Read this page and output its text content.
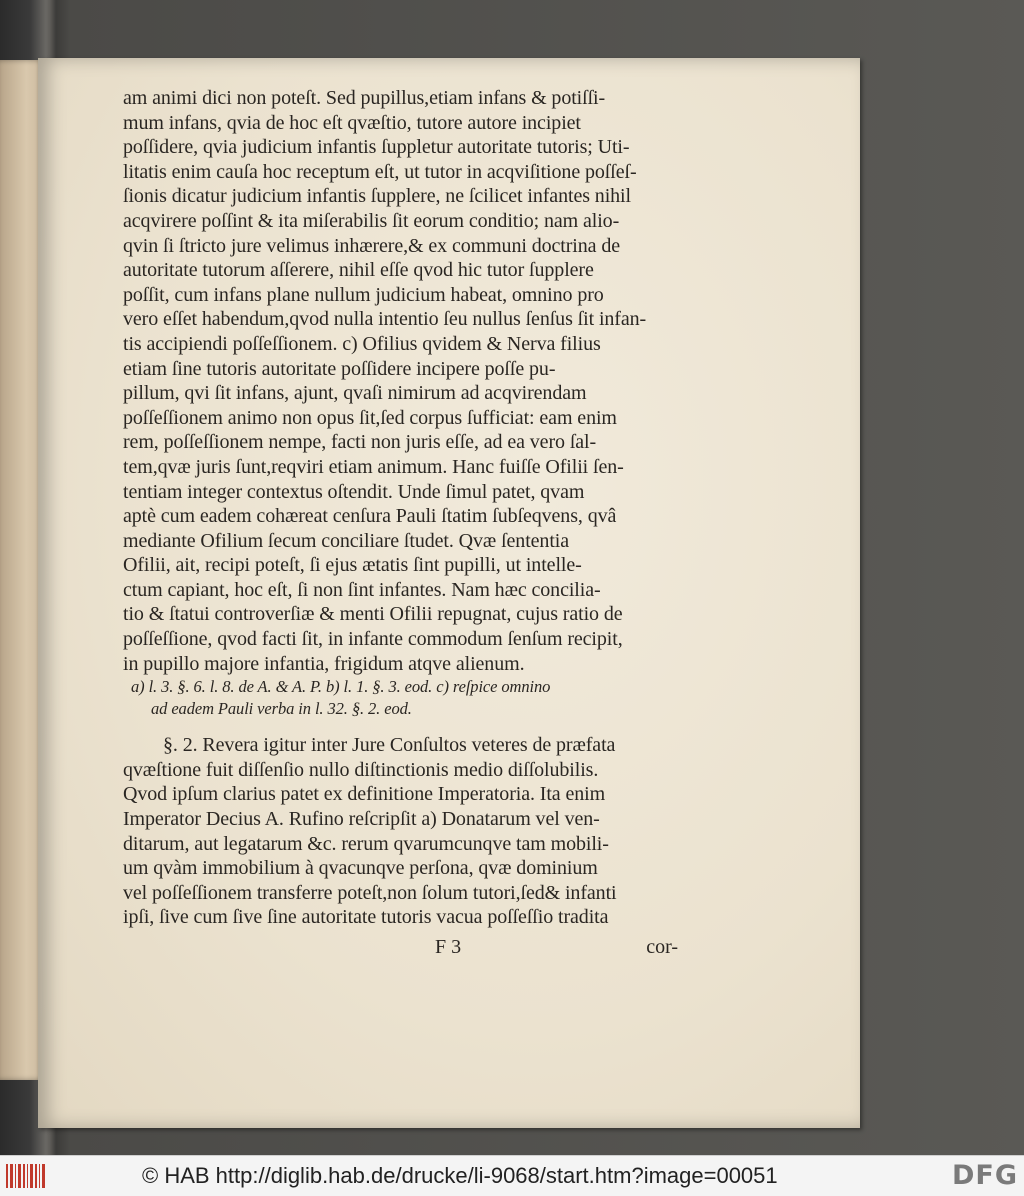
am animi dici non poteſt. Sed pupillus,etiam infans & potiſſi-
mum infans, qvia de hoc eſt qvæſtio, tutore autore incipiet
poſſidere, qvia judicium infantis ſuppletur autoritate tutoris; Uti-
litatis enim cauſa hoc receptum eſt, ut tutor in acqviſitione poſſeſ-
ſionis dicatur judicium infantis ſupplere, ne ſcilicet infantes nihil
acqvirere poſſint & ita miſerabilis ſit eorum conditio; nam alio-
qvin ſi ſtricto jure velimus inhærere,& ex communi doctrina de
autoritate tutorum aſſerere, nihil eſſe qvod hic tutor ſupplere
poſſit, cum infans plane nullum judicium habeat, omnino pro
vero eſſet habendum,qvod nulla intentio ſeu nullus ſenſus ſit infan-
tis accipiendi poſſeſſionem. c) Ofilius qvidem & Nerva filius
etiam ſine tutoris autoritate poſſidere incipere poſſe pu-
pillum, qvi ſit infans, ajunt, qvaſi nimirum ad acqvirendam
poſſeſſionem animo non opus ſit,ſed corpus ſufficiat: eam enim
rem, poſſeſſionem nempe, facti non juris eſſe, ad ea vero ſal-
tem,qvæ juris ſunt,reqviri etiam animum. Hanc fuiſſe Ofilii ſen-
tentiam integer contextus oſtendit. Unde ſimul patet, qvam
aptè cum eadem cohæreat cenſura Pauli ſtatim ſubſeqvens, qvâ
mediante Ofilium ſecum conciliare ſtudet. Qvæ ſententia
Ofilii, ait, recipi poteſt, ſi ejus ætatis ſint pupilli, ut intelle-
ctum capiant, hoc eſt, ſi non ſint infantes. Nam hæc concilia-
tio & ſtatui controverſiæ & menti Ofilii repugnat, cujus ratio de
poſſeſſione, qvod facti ſit, in infante commodum ſenſum recipit,
in pupillo majore infantia, frigidum atqve alienum.
a) l. 3. §. 6. l. 8. de A. & A. P. b) l. 1. §. 3. eod. c) reſpice omnino
ad eadem Pauli verba in l. 32. §. 2. eod.
§. 2. Revera igitur inter Jure Conſultos veteres de præfata
qvæſtione fuit diſſenſio nullo diſtinctionis medio diſſolubilis.
Qvod ipſum clarius patet ex definitione Imperatoria. Ita enim
Imperator Decius A. Rufino reſcripſit a) Donatarum vel ven-
ditarum, aut legatarum &c. rerum qvarumcunqve tam mobili-
um qvàm immobilium à qvacunqve perſona, qvæ dominium
vel poſſeſſionem transferre poteſt,non ſolum tutori,ſed& infanti
ipſi, ſive cum ſive ſine autoritate tutoris vacua poſſeſſio tradita
F 3	cor-
© HAB http://diglib.hab.de/drucke/li-9068/start.htm?image=00051	DFG
